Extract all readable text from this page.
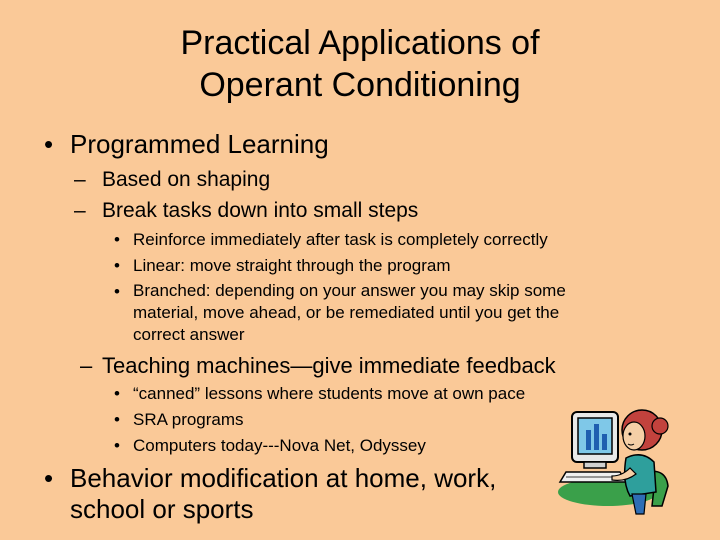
Practical Applications of
Operant Conditioning
• Programmed Learning
– Based on shaping
– Break tasks down into small steps
• Reinforce immediately after task is completely correctly
• Linear: move straight through the program
• Branched: depending on your answer you may skip some
material, move ahead, or be remediated until you get the
correct answer
– Teaching machines—give immediate feedback
• “canned” lessons where students move at own pace
• SRA programs
• Computers today---Nova Net, Odyssey
• Behavior modification at home, work,
school or sports
